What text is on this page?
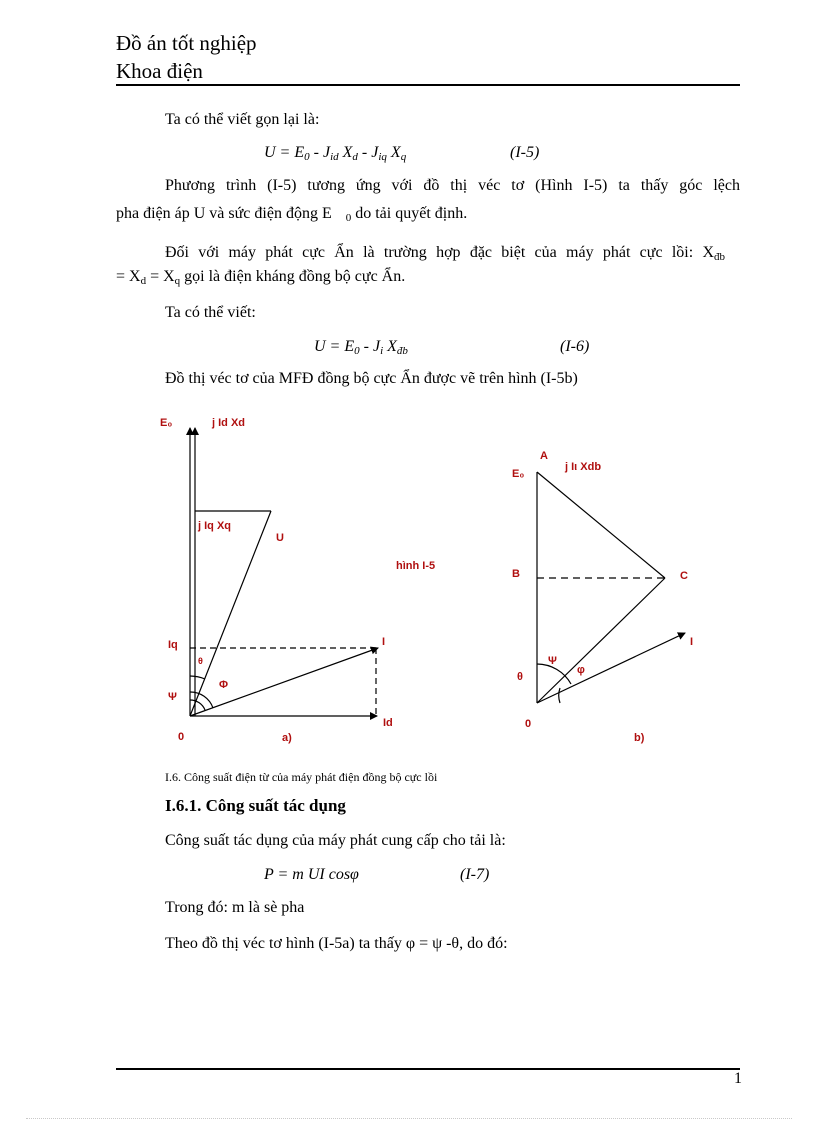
Đồ án tốt nghiệp
Khoa điện
Ta có thể viết gọn lại là:
U = E0 - Jid Xd - Jiq Xq	(I-5)
Phương trình (I-5) tương ứng với đồ thị véc tơ (Hình I-5) ta thấy góc lệch
pha điện áp U và sức điện động E 0 do tải quyết định.
Đối với máy phát cực Ẩn là trường hợp đặc biệt của máy phát cực lồi: Xđb
= Xd = Xq gọi là điện kháng đồng bộ cực Ẩn.
Ta có thể viết:
U = E0 - Ji Xđb	(I-6)
Đồ thị véc tơ của MFĐ đồng bộ cực Ẩn được vẽ trên hình (I-5b)
E₀	j Id Xd
j Iq Xq
U
hình I-5
Iq	I
θ
Φ
Ψ
0	a)
Id
A
j Iι Xdb
E₀
B	C
I
Ψ
φ
θ
0
b)
I.6. Công suất điện từ của máy phát điện đồng bộ cực lồi
I.6.1. Công suất tác dụng
Công suất tác dụng của máy phát cung cấp cho tải là:
P = m UI cosφ	(I-7)
Trong đó: m là sè pha
Theo đồ thị véc tơ hình (I-5a) ta thấy φ = ψ -θ, do đó:
1
